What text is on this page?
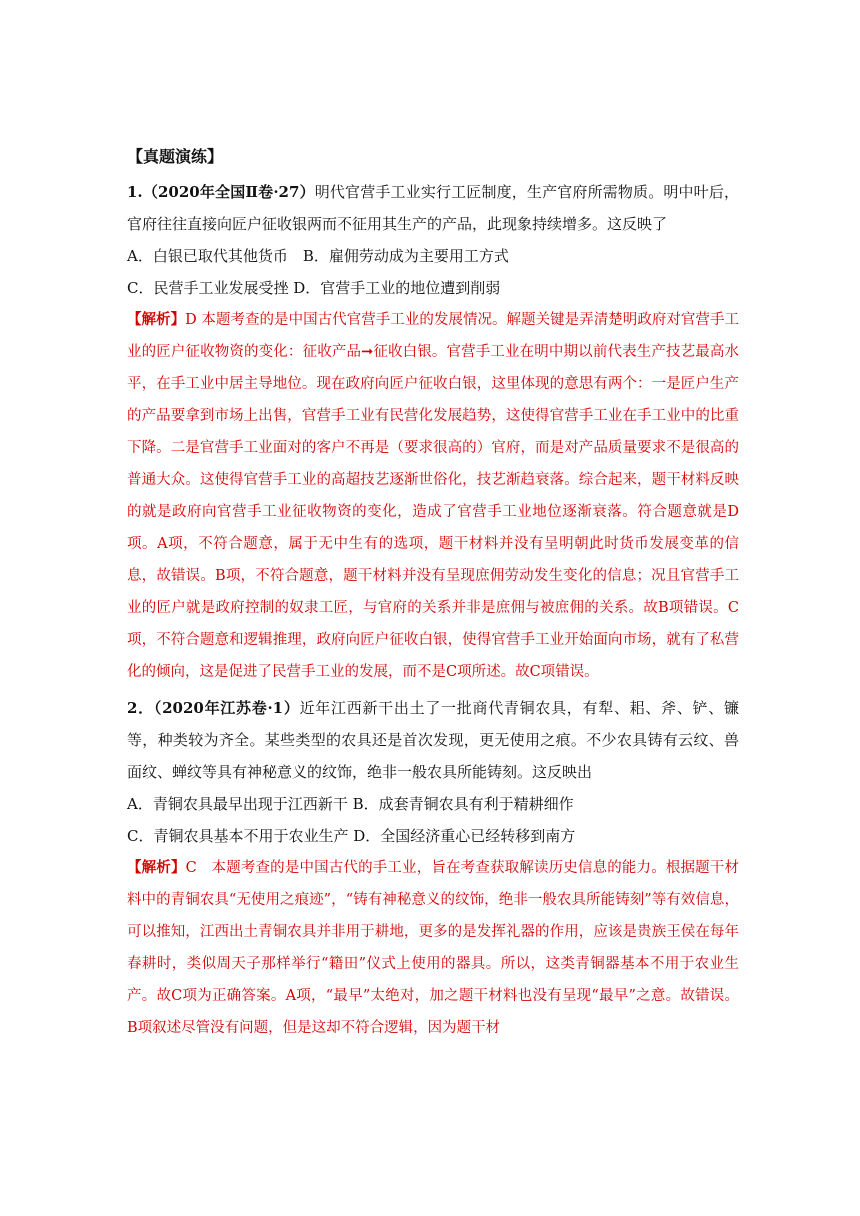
【真题演练】

1.（2020年全国Ⅱ卷·27）明代官营手工业实行工匠制度，生产官府所需物质。明中叶后，官府往往直接向匠户征收银两而不征用其生产的产品，此现象持续增多。这反映了

A．白银已取代其他货币　B．雇佣劳动成为主要用工方式

C．民营手工业发展受挫 D．官营手工业的地位遭到削弱

【解析】D 本题考查的是中国古代官营手工业的发展情况。解题关键是弄清楚明政府对官营手工业的匠户征收物资的变化：征收产品➞征收白银。官营手工业在明中期以前代表生产技艺最高水平，在手工业中居主导地位。现在政府向匠户征收白银，这里体现的意思有两个：一是匠户生产的产品要拿到市场上出售，官营手工业有民营化发展趋势，这使得官营手工业在手工业中的比重下降。二是官营手工业面对的客户不再是（要求很高的）官府，而是对产品质量要求不是很高的普通大众。这使得官营手工业的高超技艺逐渐世俗化，技艺渐趋衰落。综合起来，题干材料反映的就是政府向官营手工业征收物资的变化，造成了官营手工业地位逐渐衰落。符合题意就是D项。A项，不符合题意，属于无中生有的选项，题干材料并没有呈明朝此时货币发展变革的信息，故错误。B项，不符合题意，题干材料并没有呈现庶佣劳动发生变化的信息；况且官营手工业的匠户就是政府控制的奴隶工匠，与官府的关系并非是庶佣与被庶佣的关系。故B项错误。C项，不符合题意和逻辑推理，政府向匠户征收白银，使得官营手工业开始面向市场，就有了私营化的倾向，这是促进了民营手工业的发展，而不是C项所述。故C项错误。

2．（2020年江苏卷·1）近年江西新干出土了一批商代青铜农具，有犁、耜、斧、铲、镰等，种类较为齐全。某些类型的农具还是首次发现，更无使用之痕。不少农具铸有云纹、兽面纹、蝉纹等具有神秘意义的纹饰，绝非一般农具所能铸刻。这反映出

A．青铜农具最早出现于江西新干 B．成套青铜农具有利于精耕细作

C．青铜农具基本不用于农业生产 D．全国经济重心已经转移到南方

【解析】C　本题考查的是中国古代的手工业，旨在考查获取解读历史信息的能力。根据题干材料中的青铜农具“无使用之痕迹”，“铸有神秘意义的纹饰，绝非一般农具所能铸刻”等有效信息，可以推知，江西出土青铜农具并非用于耕地，更多的是发挥礼器的作用，应该是贵族王侯在每年春耕时，类似周天子那样举行“籍田”仪式上使用的器具。所以，这类青铜器基本不用于农业生产。故C项为正确答案。A项，“最早”太绝对，加之题干材料也没有呈现“最早”之意。故错误。B项叙述尽管没有问题，但是这却不符合逻辑，因为题干材
